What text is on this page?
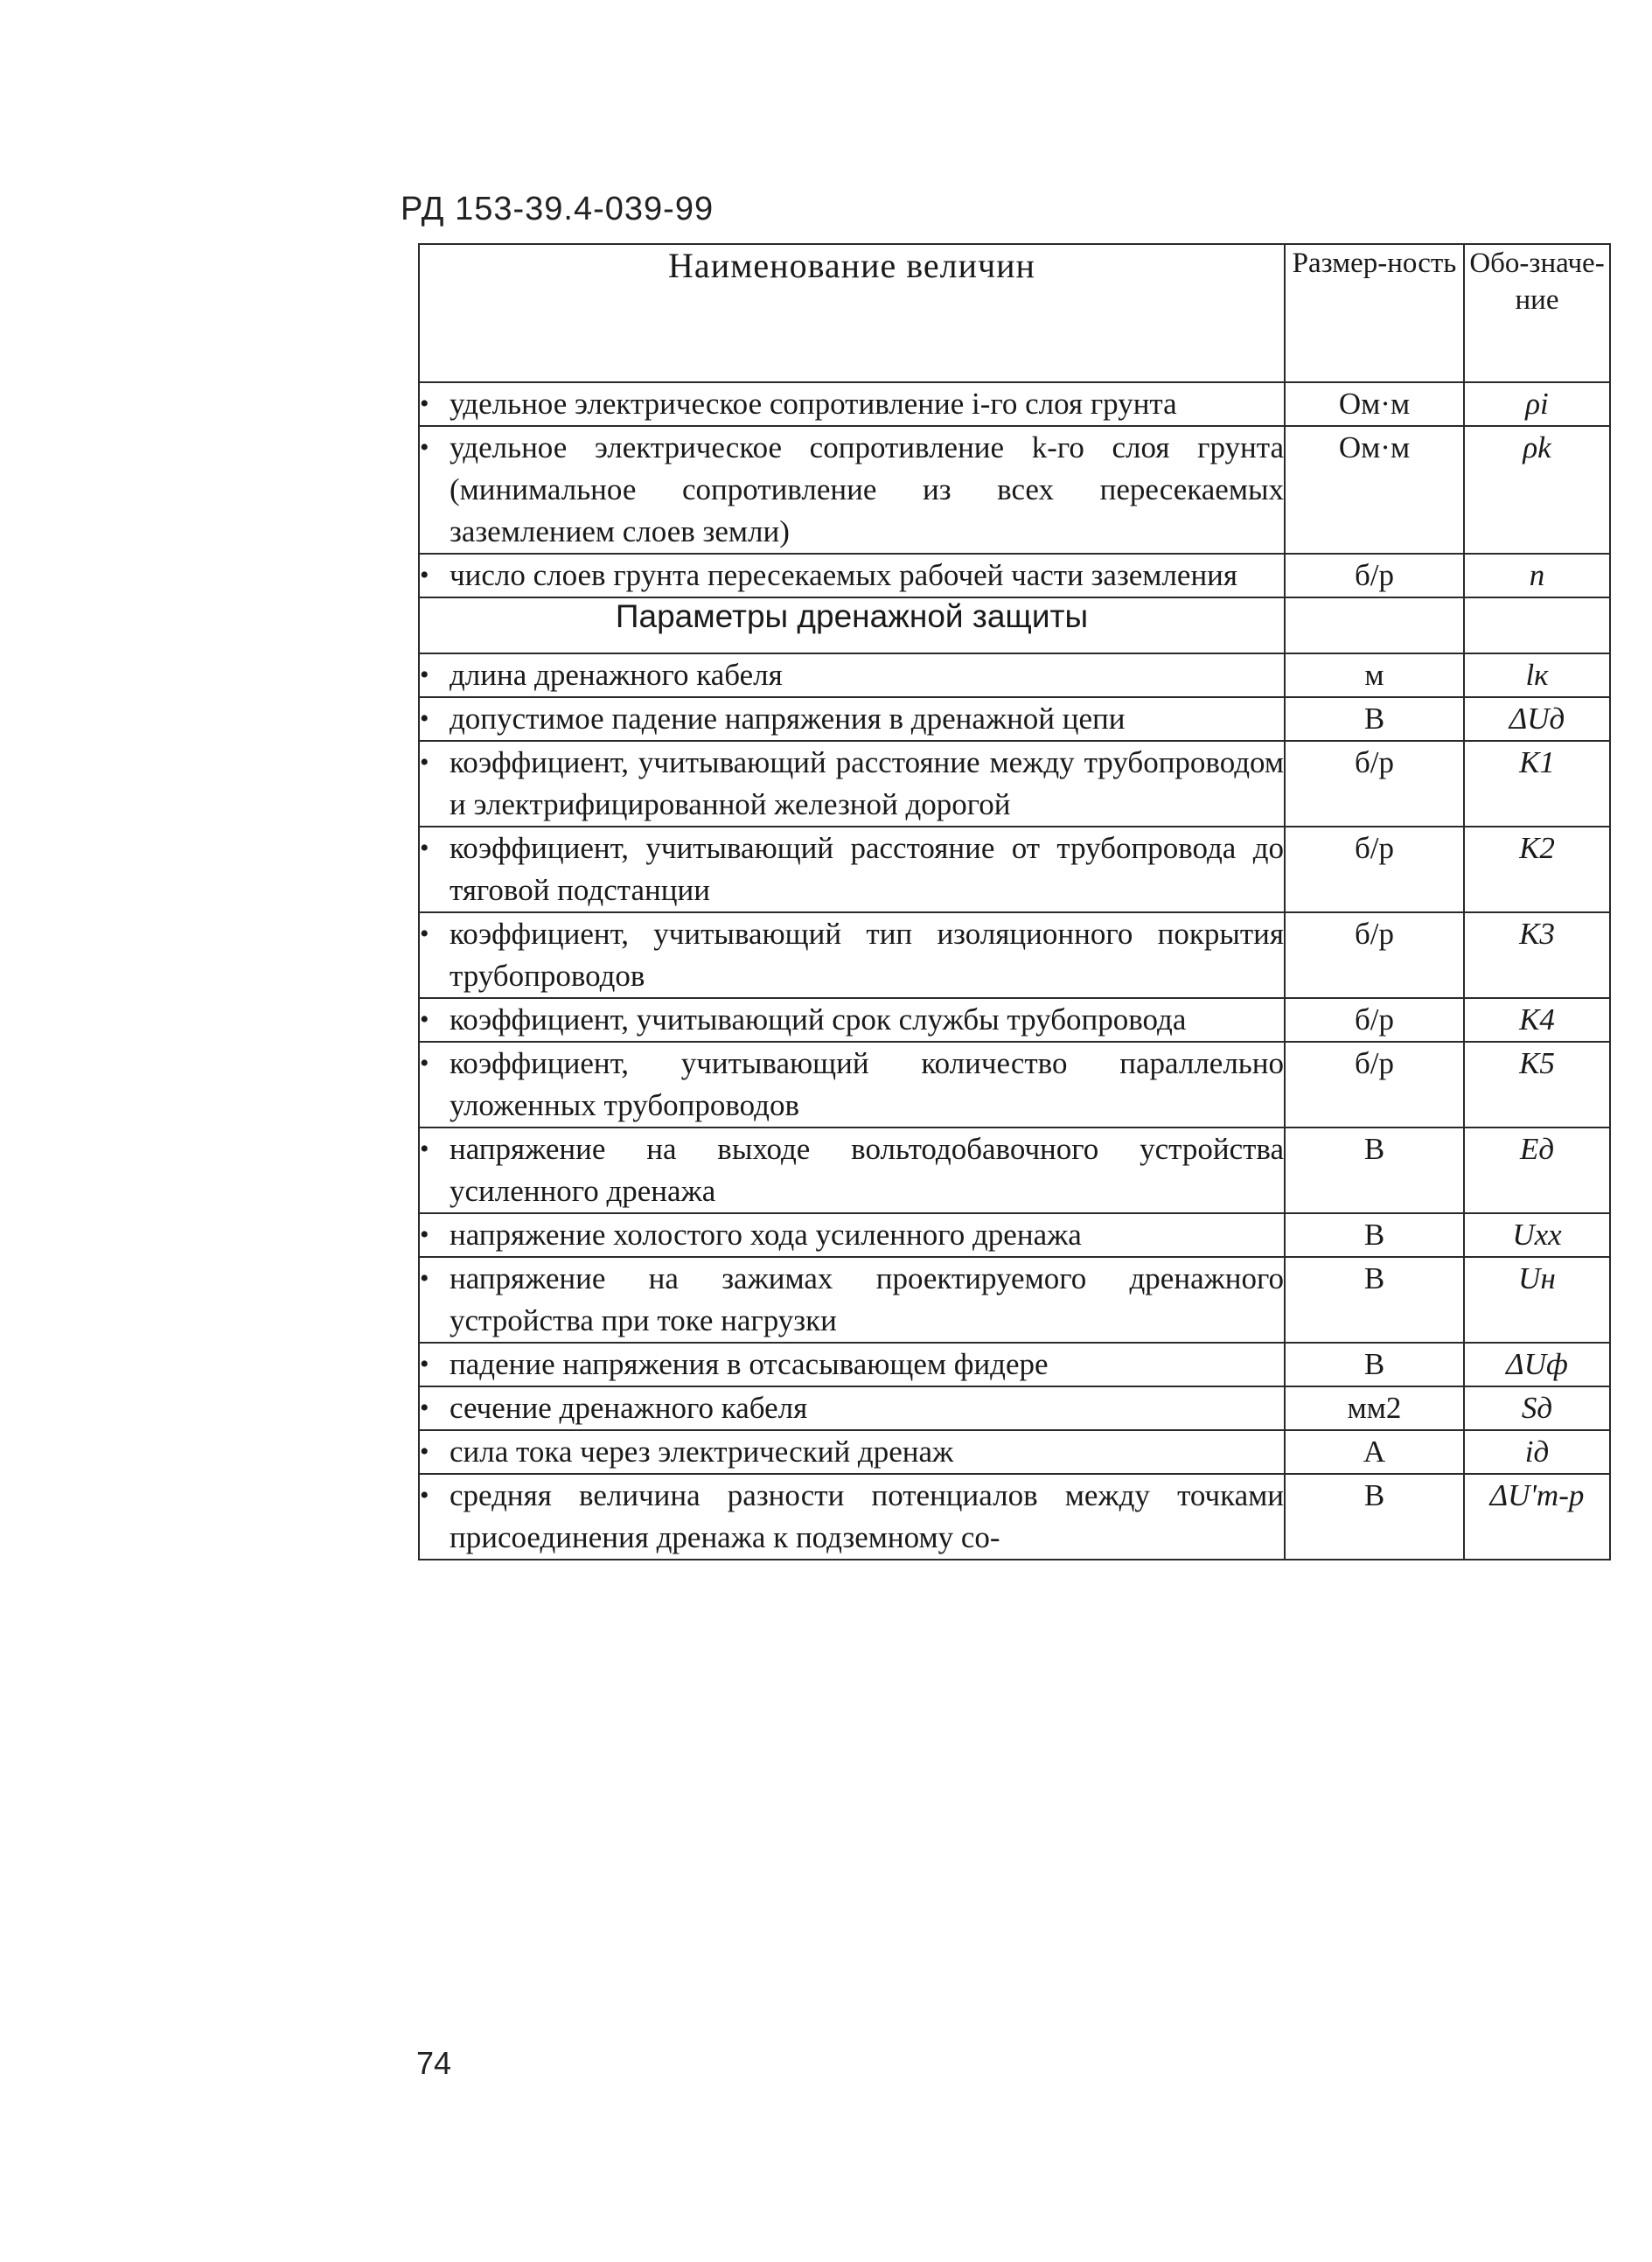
РД 153-39.4-039-99
Наименование величин	Размер-ность	Обо-значе-ние

• удельное электрическое сопротивление i-го слоя грунта	Ом·м	ρi

• удельное электрическое сопротивление k-го слоя грунта (минимальное сопротивление из всех пересекаемых заземлением слоев земли)	Ом·м	ρk

• число слоев грунта пересекаемых рабочей части заземления	б/р	n
Параметры дренажной защиты		

• длина дренажного кабеля	м	lк

• допустимое падение напряжения в дренажной цепи	В	ΔUд

• коэффициент, учитывающий расстояние между трубопроводом и электрифицированной железной дорогой	б/р	K1

• коэффициент, учитывающий расстояние от трубопровода до тяговой подстанции	б/р	K2

• коэффициент, учитывающий тип изоляционного покрытия трубопроводов	б/р	K3

• коэффициент, учитывающий срок службы трубопровода	б/р	K4

• коэффициент, учитывающий количество параллельно уложенных трубопроводов	б/р	K5

• напряжение на выходе вольтодобавочного устройства усиленного дренажа	В	Eд

• напряжение холостого хода усиленного дренажа	В	Uxx

• напряжение на зажимах проектируемого дренажного устройства при токе нагрузки	В	Uн

• падение напряжения в отсасывающем фидере	В	ΔUф

• сечение дренажного кабеля	мм2	Sд

• сила тока через электрический дренаж	А	iд

• средняя величина разности потенциалов между точками присоединения дренажа к подземному со-	В	ΔU'т-р
74
